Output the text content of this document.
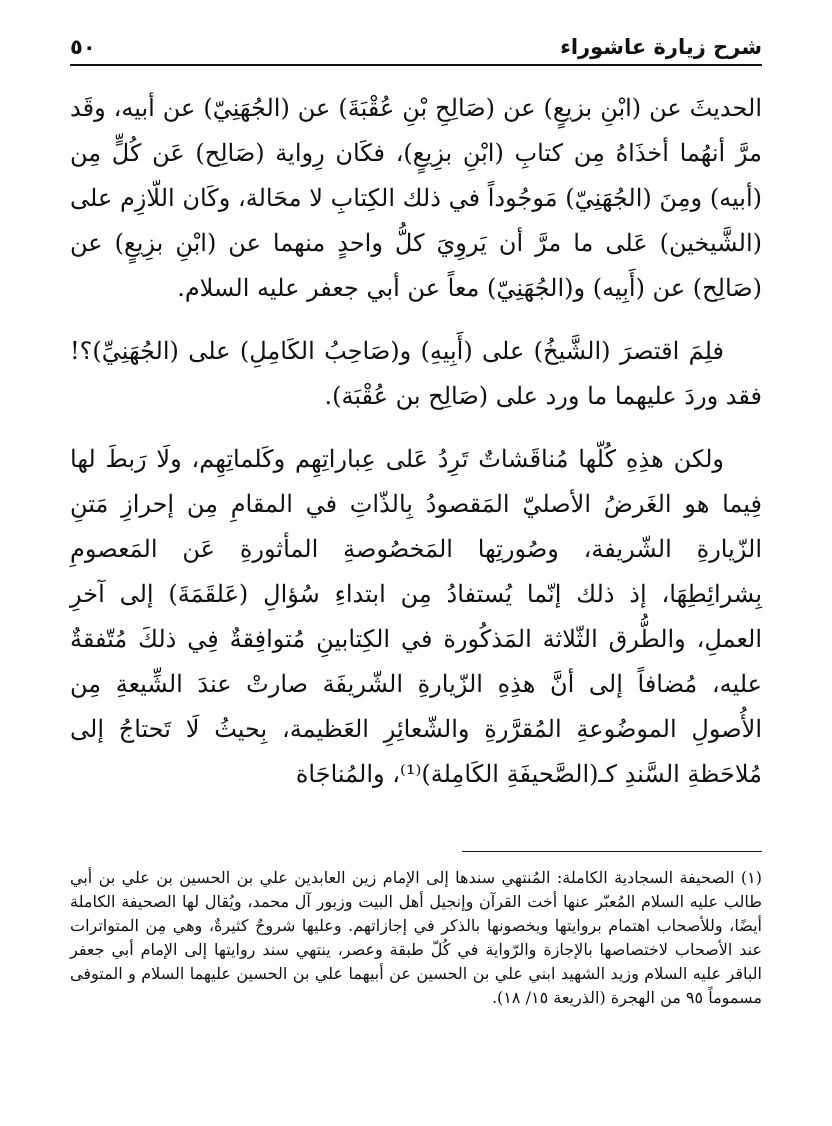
شرح زيارة عاشوراء
٥٠

الحديثَ عن (ابْنِ بزيعٍ) عن (صَالِحِ بْنِ عُقْبَةَ) عن (الجُهَنِيّ) عن أبيه، وقَد مرَّ أنهُما أخذَاهُ مِن كتابِ (ابْنِ بزِيعٍ)، فكَان رِواية (صَالِح) عَن كُلٍّ مِن (أبيه) ومِنَ (الجُهَنِيّ) مَوجُوداً في ذلك الكِتابِ لا محَالة، وكَان اللّازِم على (الشَّيخين) عَلى ما مرَّ أن يَروِيَ كلُّ واحدٍ منهما عن (ابْنِ بزِيعٍ) عن (صَالِح) عن (أَبِيه) و(الجُهَنِيّ) معاً عن أبي جعفر عليه السلام.

فلِمَ اقتصرَ (الشَّيخُ) على (أَبِيهِ) و(صَاحِبُ الكَامِلِ) على (الجُهَنِيِّ)؟! فقد وردَ عليهما ما ورد على (صَالِح بن عُقْبَة).

ولكن هذِهِ كُلّها مُناقَشاتٌ تَرِدُ عَلى عِباراتِهِم وكَلماتِهِم، ولَا رَبطَ لها فِيما هو الغَرضُ الأصليّ المَقصودُ بِالذّاتِ في المقامِ مِن إحرازِ مَتنِ الزّيارةِ الشّريفة، وصُورتِها المَخصُوصةِ المأثورةِ عَن المَعصومِ بِشرائِطِهَا، إذ ذلك إنّما يُستفادُ مِن ابتداءِ سُؤالِ (عَلقَمَةَ) إلى آخرِ العملِ، والطُّرق الثّلاثة المَذكُورة في الكِتابينِ مُتوافِقةٌ فِي ذلكَ مُتّفقةٌ عليه، مُضافاً إلى أنَّ هذِهِ الزّيارةِ الشّريفَة صارتْ عندَ الشِّيعةِ مِن الأُصولِ الموضُوعةِ المُقرَّرةِ والشّعائِرِ العَظيمة، بِحيثُ لَا تَحتاجُ إلى مُلاحَظةِ السَّندِ كـ(الصَّحيفَةِ الكَامِلة)⁽¹⁾، والمُناجَاة

(١) الصحيفة السجادية الكاملة: المُنتهي سندها إلى الإمام زين العابدين علي بن الحسين بن علي بن أبي طالب عليه السلام المُعبّر عنها أخت القرآن وإنجيل أهل البيت وزبور آل محمد، ويُقال لها الصحيفة الكاملة أيضًا، وللأصحاب اهتمام بروايتها ويخصونها بالذكر في إجازاتهم. وعليها شروحٌ كثيرةٌ، وهي مِن المتواترات عند الأصحاب لاختصاصها بالإجازة والرّواية في كُلّ طبقة وعصر، ينتهي سند روايتها إلى الإمام أبي جعفر الباقر عليه السلام وزيد الشهيد ابني علي بن الحسين عن أبيهما علي بن الحسين عليهما السلام و المتوفى مسموماً ٩٥ من الهجرة (الذريعة ١٥/ ١٨).
